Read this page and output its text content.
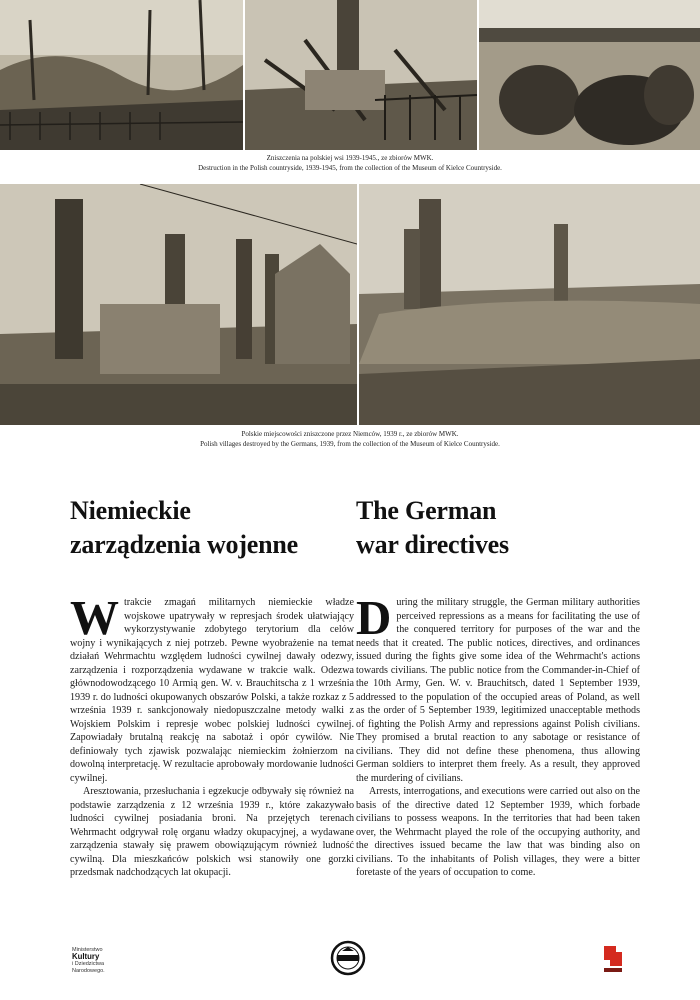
Zniszczenia na polskiej wsi 1939-1945., ze zbiorów MWK.
Destruction in the Polish countryside, 1939-1945, from the collection of the Museum of Kielce Countryside.
Polskie miejscowości zniszczone przez Niemców, 1939 r., ze zbiorów MWK.
Polish villages destroyed by the Germans, 1939, from the collection of the Museum of Kielce Countryside.
Niemieckie
zarządzenia wojenne
The German
war directives

Wtrakcie zmagań militarnych niemieckie władze wojskowe upatrywały w represjach środek ułatwiający wykorzystywanie zdobytego terytorium dla celów wojny i wynikających z niej potrzeb. Pewne wyobrażenie na temat działań Wehrmachtu względem ludności cywilnej dawały odezwy, zarządzenia i rozporządzenia wydawane w trakcie walk. Odezwa głównodowodzącego 10 Armią gen. W. v. Brauchitscha z 1 września 1939 r. do ludności okupowanych obszarów Polski, a także rozkaz z 5 września 1939 r. sankcjonowały niedopuszczalne metody walki z Wojskiem Polskim i represje wobec polskiej ludności cywilnej. Zapowiadały brutalną reakcję na sabotaż i opór cywilów. Nie definiowały tych zjawisk pozwalając niemieckim żołnierzom na dowolną interpretację. W rezultacie aprobowały mordowanie ludności cywilnej.

Aresztowania, przesłuchania i egzekucje odbywały się również na podstawie zarządzenia z 12 września 1939 r., które zakazywało ludności cywilnej posiadania broni. Na przejętych terenach Wehrmacht odgrywał rolę organu władzy okupacyjnej, a wydawane zarządzenia stawały się prawem obowiązującym również ludność cywilną. Dla mieszkańców polskich wsi stanowiły one gorzki przedsmak nadchodzących lat okupacji.

During the military struggle, the German military authorities perceived repressions as a means for facilitating the use of the conquered territory for purposes of the war and the needs that it created. The public notices, directives, and ordinances issued during the fights give some idea of the Wehrmacht's actions towards civilians. The public notice from the Commander-in-Chief of the 10th Army, Gen. W. v. Brauchitsch, dated 1 September 1939, addressed to the population of the occupied areas of Poland, as well as the order of 5 September 1939, legitimized unacceptable methods of fighting the Polish Army and repressions against Polish civilians. They promised a brutal reaction to any sabotage or resistance of civilians. They did not define these phenomena, thus allowing German soldiers to interpret them freely. As a result, they approved the murdering of civilians.

Arrests, interrogations, and executions were carried out also on the basis of the directive dated 12 September 1939, which forbade civilians to possess weapons. In the territories that had been taken over, the Wehrmacht played the role of the occupying authority, and the directives issued became the law that was binding also on civilians. To the inhabitants of Polish villages, they were a bitter foretaste of the years of occupation to come.

Ministerstwo
Kultury
i Dziedzictwa
Narodowego.
